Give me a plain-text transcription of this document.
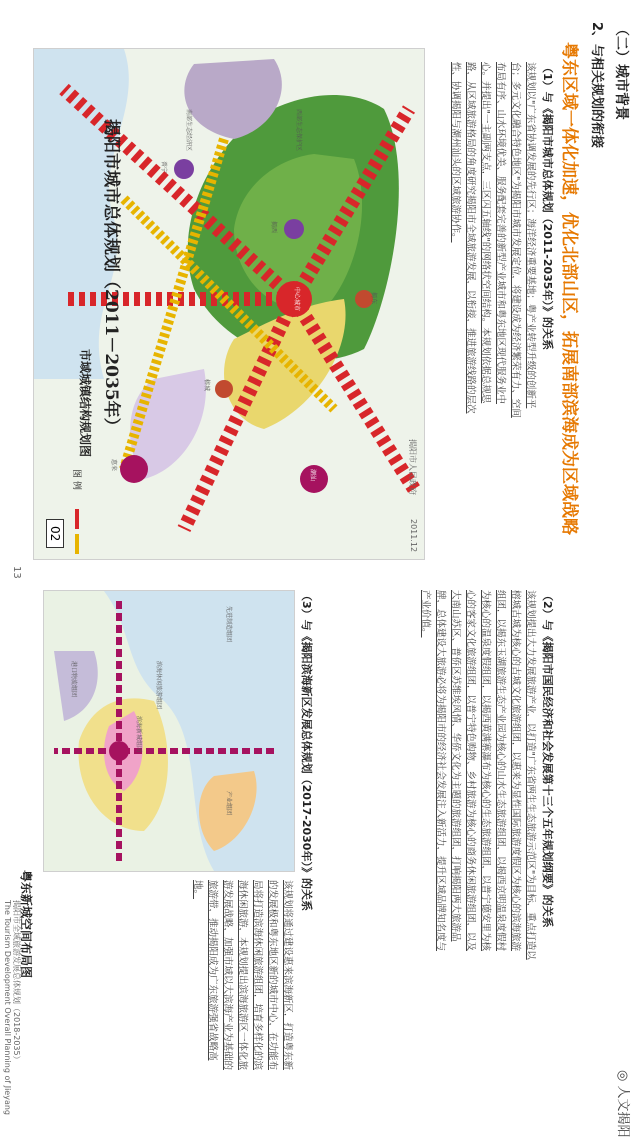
（二）城市背景
2、与相关规划的衔接
粤东区域一体化加速，优化北部山区，拓展南部滨海成为区域战略
（1）与《揭阳市城市总体规划（2011-2035年）》的关系
该规划以"广东省协调发展的先行区；海洋经济重要基地；粤产业转型升级的创新平台；多元文化融合特色地区"为揭阳市城市发展定位，将建设成为经济繁荣有力、空间布局有序、山水环境优美、服务配套完善的新型产业城市和粤东地区现代服务业中心。并提出"一主副两支点，三区闪五轴线"的网络状空间结构。本规划依据总规思路，从区域旅游格局的角度研究揭阳市全域旅游发展，以衔接，推进旅游线路的层次性、协调揭阳与潮州汕头的区域旅游协作。
中心城市
潮汕
揭东
普宁
惠来
揭西
榕城
西部生态保护区
南部生态经济区
揭阳市城市总体规划（2011－2035年）
市域城镇结构规划图
图 例
02
揭阳市人民政府
2011.12
13
（2）与《揭阳市国民经济和社会发展第十三个五年规划纲要》的关系
该规划提出大力发展旅游产业，以打造"广东省两生生态旅游示范区"为目标，重点打造以榕城古城为核心的古城文化旅游组团，以惠来为显性国际旅游度假区为核心的滨海旅游组团，以揭东玉湖旅游生态产业园为核心的山水生态旅游组团，以揭西京明温泉度假村为核心的温泉度假组团，以揭西黄满寨瀑布为核心的生态旅游组团，以普宁德安里为核心的客家文化旅游组团，以普宁特色购物、乡村旅游为核心的商务休闲旅游组团，以及大南山苏区、普侨区苏维埃风情、华侨文化为主题的旅游组团，打响揭阳两大旅游品牌，总体建设大旅游必将为揭阳市的经济社会发展注入新活力，提升区域品牌知名度与产业价值。
（3）与《揭阳滨海新区发展总体规划（2017-2030年）》的关系
该规划将通过建设惠来滨海新区，打造粤东新的发展极和粤东地区新的城市中心，在功能布局将打造滨海休闲旅游组团，培育多样化的滨海休闲旅游，本规划提出滨海旅游区一体化旅游发展战略，加强市域以大滨海产业为基础的旅游带，推动揭阳成为广东旅游强省战略高地。
滨海新城组团
滨海休闲旅游组团
产业组团
港口物流组团
先进制造组团
粤东新城空间布局图
揭阳市全域旅游发展总体规划（2018-2035）
The Tourism Development Overall Planning of Jieyang	◎ 人文揭阳
